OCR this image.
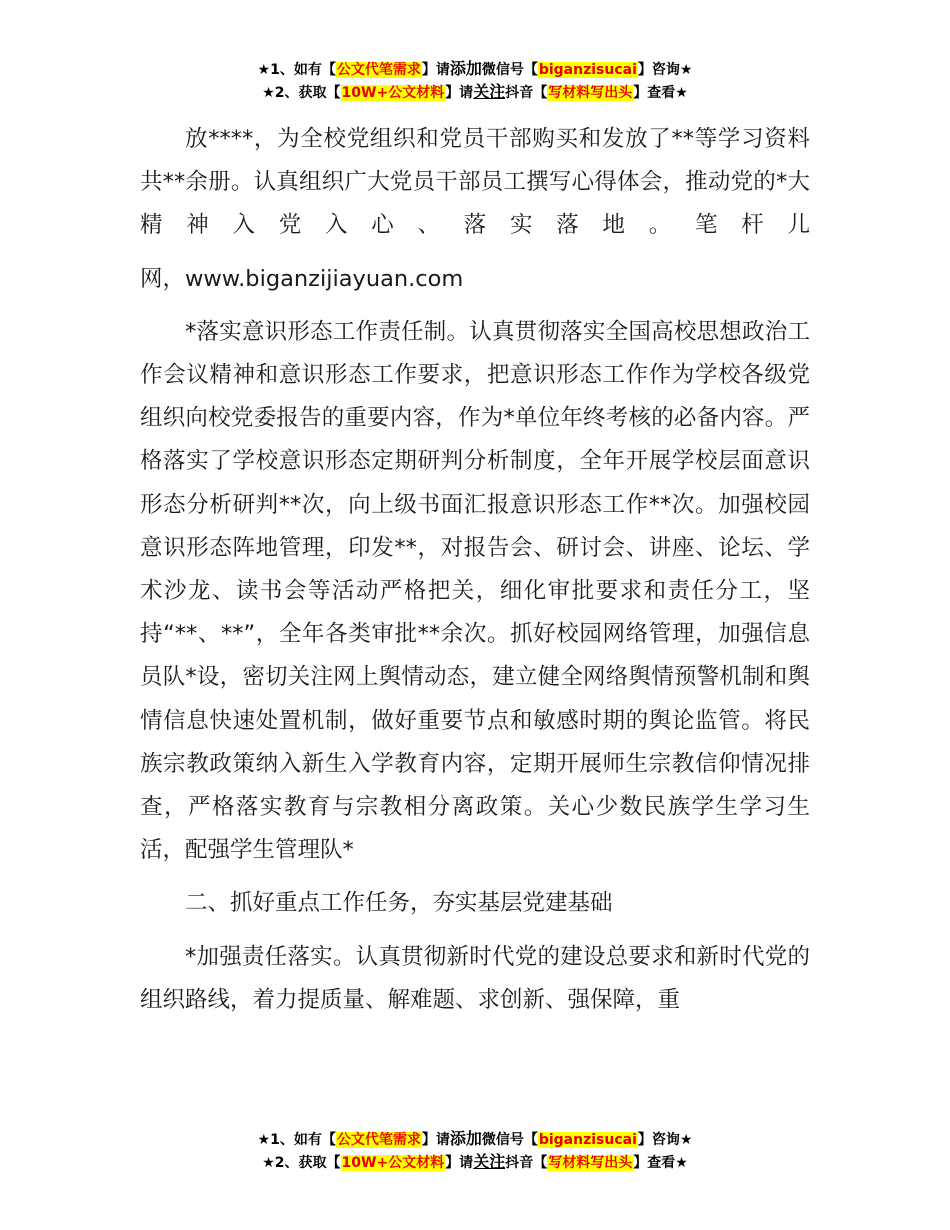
★1、如有【公文代笔需求】请添加微信号【biganzisucai】咨询★
★2、获取【10W+公文材料】请关注抖音【写材料写出头】查看★

放****，为全校党组织和党员干部购买和发放了**等学习资料共**余册。认真组织广大党员干部员工撰写心得体会，推动党的*大精神入党入心、落实落地。笔杆儿

网，www.biganzijiayuan.com

*落实意识形态工作责任制。认真贯彻落实全国高校思想政治工作会议精神和意识形态工作要求，把意识形态工作作为学校各级党组织向校党委报告的重要内容，作为*单位年终考核的必备内容。严格落实了学校意识形态定期研判分析制度，全年开展学校层面意识形态分析研判**次，向上级书面汇报意识形态工作**次。加强校园意识形态阵地管理，印发**，对报告会、研讨会、讲座、论坛、学术沙龙、读书会等活动严格把关，细化审批要求和责任分工，坚持“**、**”，全年各类审批**余次。抓好校园网络管理，加强信息员队*设，密切关注网上舆情动态，建立健全网络舆情预警机制和舆情信息快速处置机制，做好重要节点和敏感时期的舆论监管。将民族宗教政策纳入新生入学教育内容，定期开展师生宗教信仰情况排查，严格落实教育与宗教相分离政策。关心少数民族学生学习生活，配强学生管理队*

二、抓好重点工作任务，夯实基层党建基础

*加强责任落实。认真贯彻新时代党的建设总要求和新时代党的组织路线，着力提质量、解难题、求创新、强保障，重

★1、如有【公文代笔需求】请添加微信号【biganzisucai】咨询★
★2、获取【10W+公文材料】请关注抖音【写材料写出头】查看★
